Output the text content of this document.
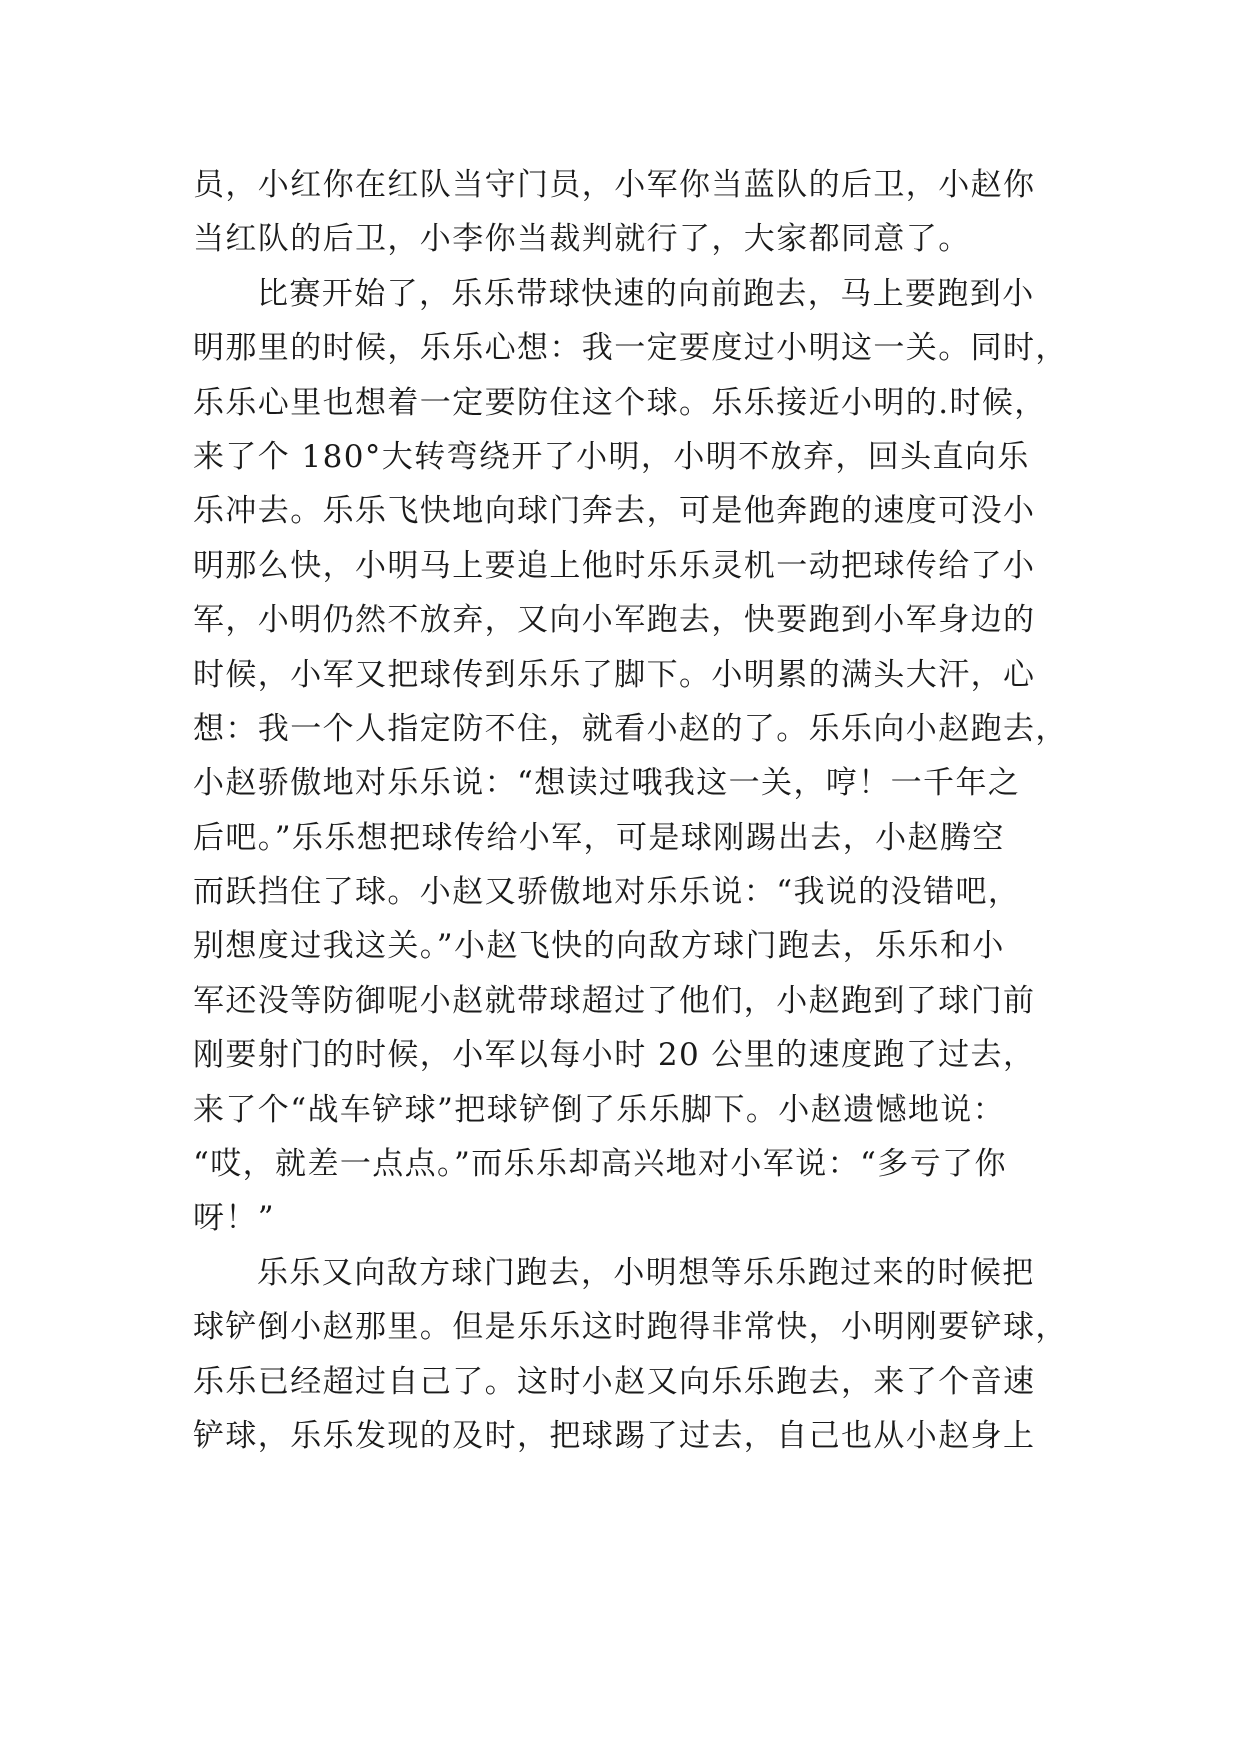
员，小红你在红队当守门员，小军你当蓝队的后卫，小赵你
当红队的后卫，小李你当裁判就行了，大家都同意了。
比赛开始了，乐乐带球快速的向前跑去，马上要跑到小
明那里的时候，乐乐心想：我一定要度过小明这一关。同时，
乐乐心里也想着一定要防住这个球。乐乐接近小明的.时候，
来了个 180°大转弯绕开了小明，小明不放弃，回头直向乐
乐冲去。乐乐飞快地向球门奔去，可是他奔跑的速度可没小
明那么快，小明马上要追上他时乐乐灵机一动把球传给了小
军，小明仍然不放弃，又向小军跑去，快要跑到小军身边的
时候，小军又把球传到乐乐了脚下。小明累的满头大汗，心
想：我一个人指定防不住，就看小赵的了。乐乐向小赵跑去，
小赵骄傲地对乐乐说：“想读过哦我这一关，哼！一千年之
后吧。”乐乐想把球传给小军，可是球刚踢出去，小赵腾空
而跃挡住了球。小赵又骄傲地对乐乐说：“我说的没错吧，
别想度过我这关。”小赵飞快的向敌方球门跑去，乐乐和小
军还没等防御呢小赵就带球超过了他们，小赵跑到了球门前
刚要射门的时候，小军以每小时 20 公里的速度跑了过去，
来了个“战车铲球”把球铲倒了乐乐脚下。小赵遗憾地说：
“哎，就差一点点。”而乐乐却高兴地对小军说：“多亏了你
呀！”
乐乐又向敌方球门跑去，小明想等乐乐跑过来的时候把
球铲倒小赵那里。但是乐乐这时跑得非常快，小明刚要铲球，
乐乐已经超过自己了。这时小赵又向乐乐跑去，来了个音速
铲球，乐乐发现的及时，把球踢了过去，自己也从小赵身上
